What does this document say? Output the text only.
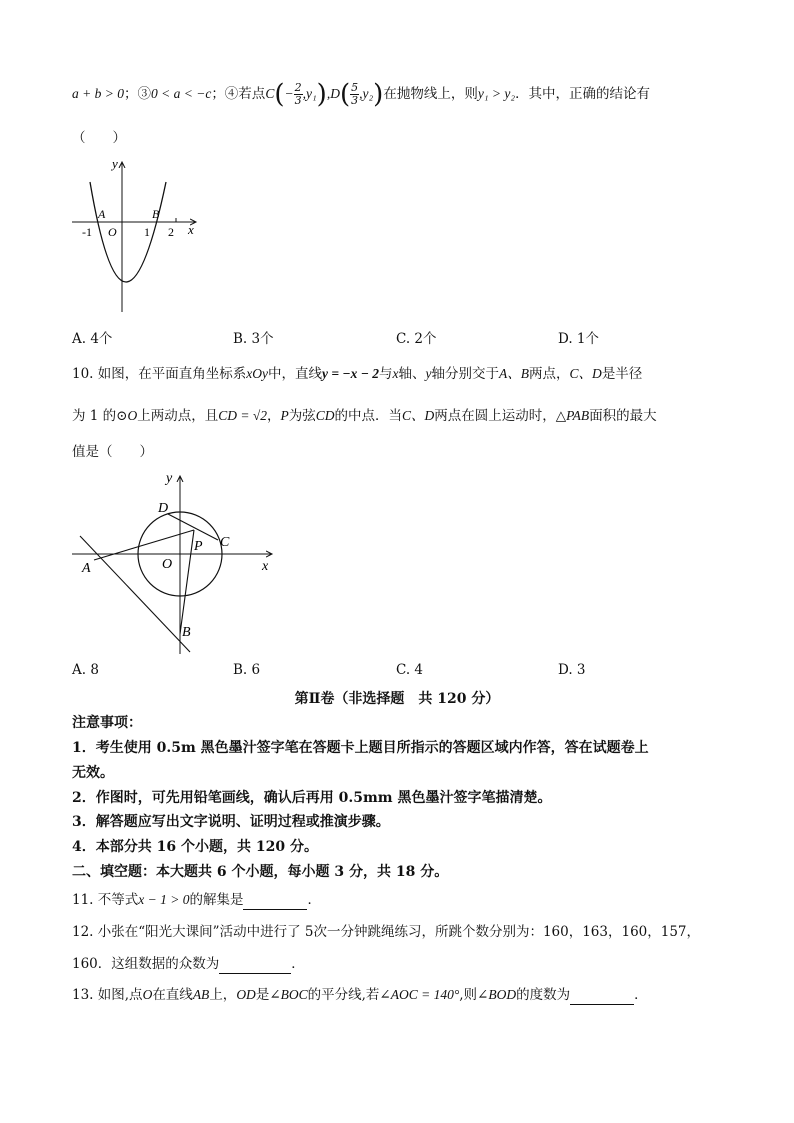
a + b > 0；③0 < a < −c；④若点$C(- \frac{2}{3} ,y_1),D( \frac{5}{3} ,y_2)$在抛物线上，则y₁ > y₂．其中，正确的结论有
（　　）
y
x
A	B
O
-1	1 2
A. 4个	B. 3个	C. 2个	D. 1个
10. 如图，在平面直角坐标系xOy中，直线y = −x − 2与x轴、y轴分别交于A、B两点，C、D是半径
为 1 的⊙O上两动点，且CD = √2，P为弦CD的中点．当C、D两点在圆上运动时，△PAB面积的最大
值是（　　）
y
x
A
B
C
D
O
P
A. 8	B. 6	C. 4	D. 3
第Ⅱ卷（非选择题　共 120 分）
注意事项：
1．考生使用 0.5m 黑色墨汁签字笔在答题卡上题目所指示的答题区域内作答，答在试题卷上
无效。
2．作图时，可先用铅笔画线，确认后再用 0.5mm 黑色墨汁签字笔描清楚。
3．解答题应写出文字说明、证明过程或推演步骤。
4．本部分共 16 个小题，共 120 分。
二、填空题：本大题共 6 个小题，每小题 3 分，共 18 分。
11. 不等式x − 1 > 0的解集是	．
12. 小张在“阳光大课间”活动中进行了 5次一分钟跳绳练习，所跳个数分别为：160，163，160，157，
160．这组数据的众数为	．
13. 如图,点O在直线AB上，OD是∠BOC的平分线,若∠AOC = 140°,则∠BOD的度数为	．
